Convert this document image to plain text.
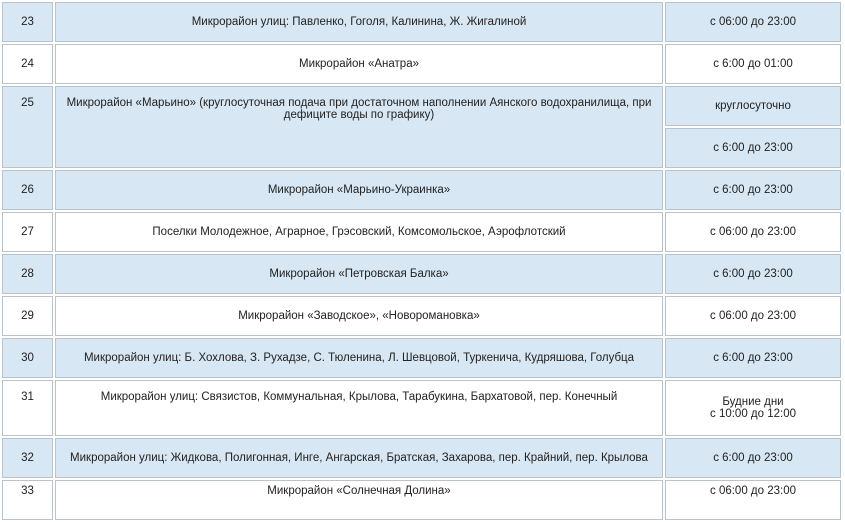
23	Микрорайон улиц: Павленко, Гоголя, Калинина, Ж. Жигалиной	с 06:00 до 23:00
24	Микрорайон «Анатра»	с 6:00 до 01:00
25	Микрорайон «Марьино» (круглосуточная подача при достаточном наполнении Аянского водохранилища, при дефиците воды по графику)	круглосуточно
		с 6:00 до 23:00
26	Микрорайон «Марьино-Украинка»	с 6:00 до 23:00
27	Поселки Молодежное, Аграрное, Грэсовский, Комсомольское, Аэрофлотский	с 06:00 до 23:00
28	Микрорайон «Петровская Балка»	с 6:00 до 23:00
29	Микрорайон «Заводское», «Новоромановка»	с 06:00 до 23:00
30	Микрорайон улиц: Б. Хохлова, З. Рухадзе, С. Тюленина, Л. Шевцовой, Туркенича, Кудряшова, Голубца	с 6:00 до 23:00
31	Микрорайон улиц: Связистов, Коммунальная, Крылова, Тарабукина, Бархатовой, пер. Конечный	Будние дни
с 10:00 до 12:00

32	Микрорайон улиц: Жидкова, Полигонная, Инге, Ангарская, Братская, Захарова, пер. Крайний, пер. Крылова	с 6:00 до 23:00
33	Микрорайон «Солнечная Долина»	с 06:00 до 23:00
